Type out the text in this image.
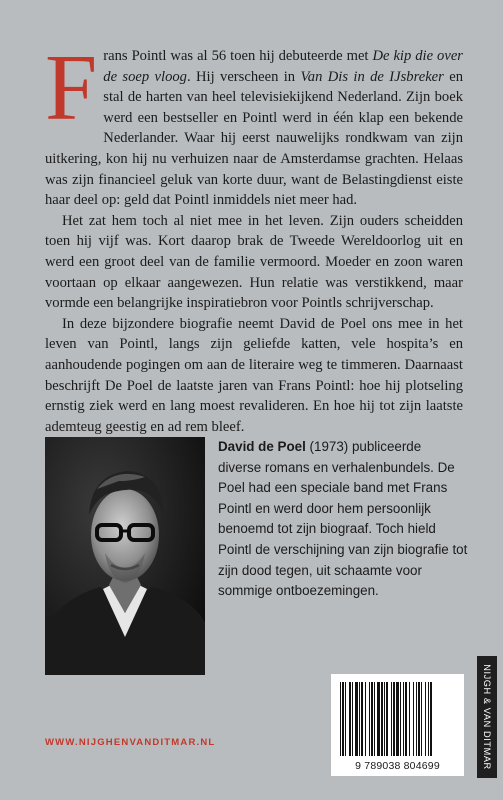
Frans Pointl was al 56 toen hij debuteerde met De kip die over de soep vloog. Hij verscheen in Van Dis in de IJsbreker en stal de harten van heel televisiekijkend Nederland. Zijn boek werd een bestseller en Pointl werd in één klap een bekende Nederlander. Waar hij eerst nauwelijks rondkwam van zijn uitkering, kon hij nu verhuizen naar de Amsterdamse grachten. Helaas was zijn financieel geluk van korte duur, want de Belastingdienst eiste haar deel op: geld dat Pointl inmiddels niet meer had.

Het zat hem toch al niet mee in het leven. Zijn ouders scheidden toen hij vijf was. Kort daarop brak de Tweede Wereldoorlog uit en werd een groot deel van de familie vermoord. Moeder en zoon waren voortaan op elkaar aangewezen. Hun relatie was verstikkend, maar vormde een belangrijke inspiratiebron voor Pointls schrijverschap.

In deze bijzondere biografie neemt David de Poel ons mee in het leven van Pointl, langs zijn geliefde katten, vele hospita’s en aanhoudende pogingen om aan de literaire weg te timmeren. Daarnaast beschrijft De Poel de laatste jaren van Frans Pointl: hoe hij plotseling ernstig ziek werd en lang moest revalideren. En hoe hij tot zijn laatste ademteug geestig en ad rem bleef.

David de Poel (1973) publiceerde diverse romans en verhalenbundels. De Poel had een speciale band met Frans Pointl en werd door hem persoonlijk benoemd tot zijn biograaf. Toch hield Pointl de verschijning van zijn biografie tot zijn dood tegen, uit schaamte voor sommige ontboezemingen.
WWW.NIJGHENVANDITMAR.NL
9 789038 804699	NIJGH & VAN DITMAR
